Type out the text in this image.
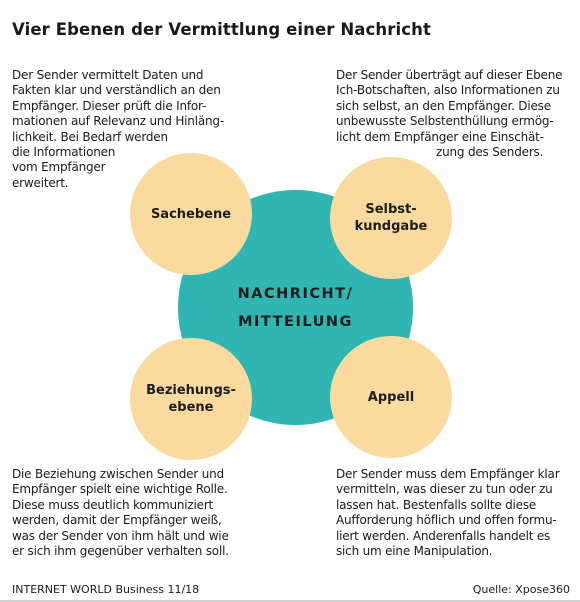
Vier Ebenen der Vermittlung einer Nachricht
Der Sender vermittelt Daten und
Fakten klar und verständlich an den
Empfänger. Dieser prüft die Infor-
mationen auf Relevanz und Hinläng-
lichkeit. Bei Bedarf werden
die Informationen
vom Empfänger
erweitert.
Der Sender überträgt auf dieser Ebene
Ich-Botschaften, also Informationen zu
sich selbst, an den Empfänger. Diese
unbewusste Selbstenthüllung ermög-
licht dem Empfänger eine Einschät-
zung des Senders.
NACHRICHT/
MITTEILUNG
Sachebene	Selbst-
kundgabe
Beziehungs-
ebene
Appell
Die Beziehung zwischen Sender und
Empfänger spielt eine wichtige Rolle.
Diese muss deutlich kommuniziert
werden, damit der Empfänger weiß,
was der Sender von ihm hält und wie
er sich ihm gegenüber verhalten soll.
Der Sender muss dem Empfänger klar
vermitteln, was dieser zu tun oder zu
lassen hat. Bestenfalls sollte diese
Aufforderung höflich und offen formu-
liert werden. Anderenfalls handelt es
sich um eine Manipulation.
INTERNET WORLD Business 11/18	Quelle: Xpose360
